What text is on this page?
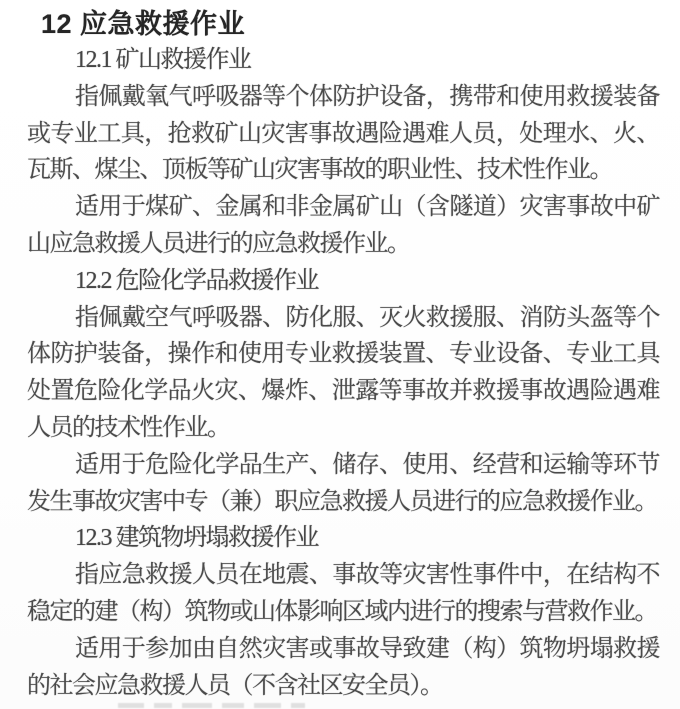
12 应急救援作业
12.1 矿山救援作业
指佩戴氧气呼吸器等个体防护设备，携带和使用救援装备
或专业工具，抢救矿山灾害事故遇险遇难人员，处理水、火、
瓦斯、煤尘、顶板等矿山灾害事故的职业性、技术性作业。
适用于煤矿、金属和非金属矿山（含隧道）灾害事故中矿
山应急救援人员进行的应急救援作业。
12.2 危险化学品救援作业
指佩戴空气呼吸器、防化服、灭火救援服、消防头盔等个
体防护装备，操作和使用专业救援装置、专业设备、专业工具
处置危险化学品火灾、爆炸、泄露等事故并救援事故遇险遇难
人员的技术性作业。
适用于危险化学品生产、储存、使用、经营和运输等环节
发生事故灾害中专（兼）职应急救援人员进行的应急救援作业。
12.3 建筑物坍塌救援作业
指应急救援人员在地震、事故等灾害性事件中，在结构不
稳定的建（构）筑物或山体影响区域内进行的搜索与营救作业。
适用于参加由自然灾害或事故导致建（构）筑物坍塌救援
的社会应急救援人员（不含社区安全员）。
